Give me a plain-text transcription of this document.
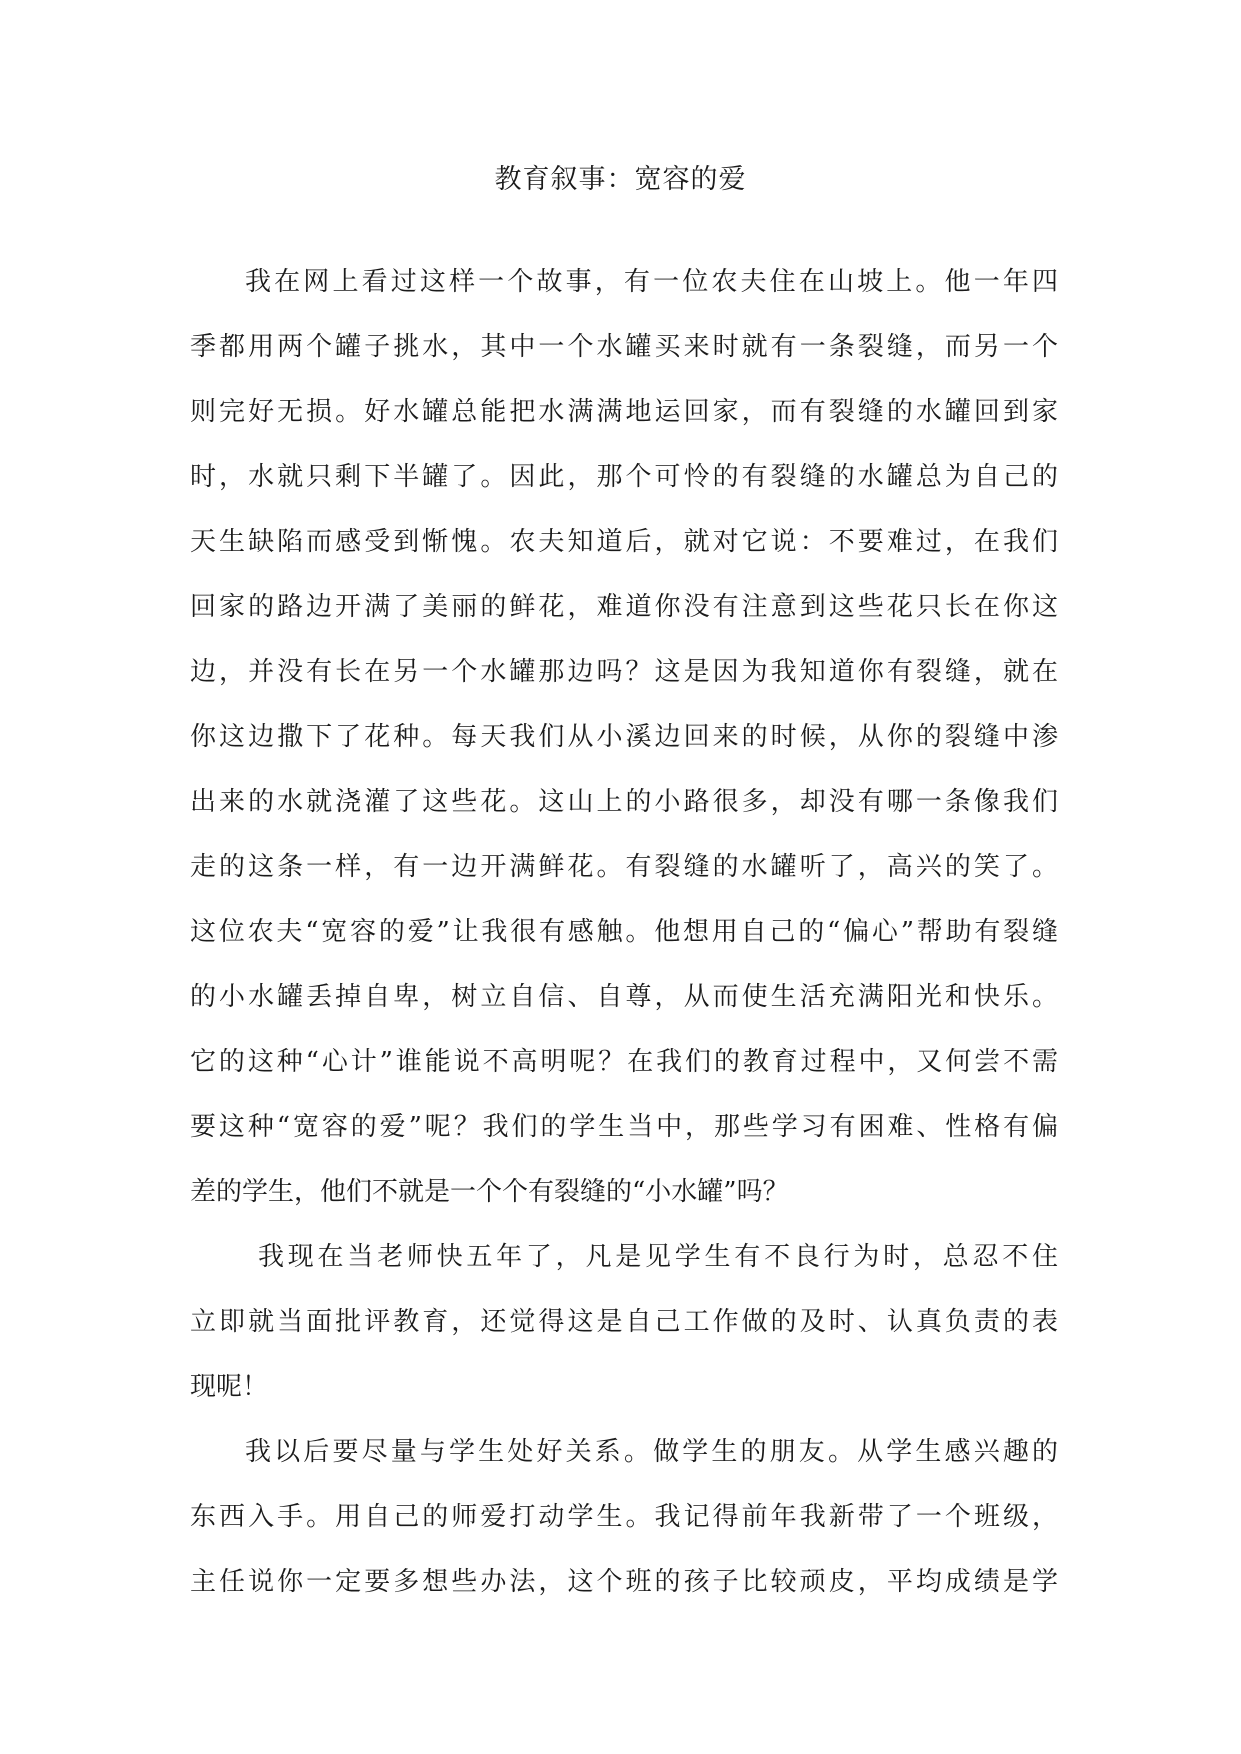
教育叙事：宽容的爱
我在网上看过这样一个故事，有一位农夫住在山坡上。他一年四
季都用两个罐子挑水，其中一个水罐买来时就有一条裂缝，而另一个
则完好无损。好水罐总能把水满满地运回家，而有裂缝的水罐回到家
时，水就只剩下半罐了。因此，那个可怜的有裂缝的水罐总为自己的
天生缺陷而感受到惭愧。农夫知道后，就对它说：不要难过，在我们
回家的路边开满了美丽的鲜花，难道你没有注意到这些花只长在你这
边，并没有长在另一个水罐那边吗？这是因为我知道你有裂缝，就在
你这边撒下了花种。每天我们从小溪边回来的时候，从你的裂缝中渗
出来的水就浇灌了这些花。这山上的小路很多，却没有哪一条像我们
走的这条一样，有一边开满鲜花。有裂缝的水罐听了，高兴的笑了。
这位农夫“宽容的爱”让我很有感触。他想用自己的“偏心”帮助有裂缝
的小水罐丢掉自卑，树立自信、自尊，从而使生活充满阳光和快乐。
它的这种“心计”谁能说不高明呢？在我们的教育过程中，又何尝不需
要这种“宽容的爱”呢？我们的学生当中，那些学习有困难、性格有偏
差的学生，他们不就是一个个有裂缝的“小水罐”吗？
我现在当老师快五年了，凡是见学生有不良行为时，总忍不住
立即就当面批评教育，还觉得这是自己工作做的及时、认真负责的表
现呢！
我以后要尽量与学生处好关系。做学生的朋友。从学生感兴趣的
东西入手。用自己的师爱打动学生。我记得前年我新带了一个班级，
主任说你一定要多想些办法，这个班的孩子比较顽皮，平均成绩是学
